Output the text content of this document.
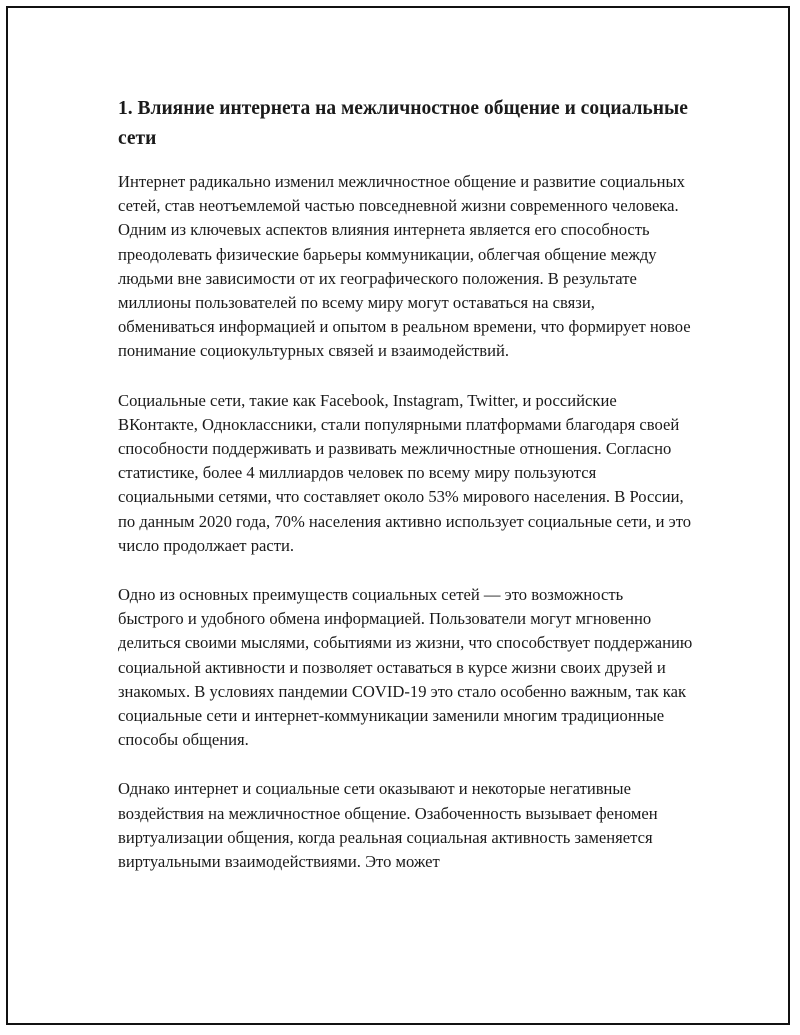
1. Влияние интернета на межличностное общение и социальные сети

Интернет радикально изменил межличностное общение и развитие социальных сетей, став неотъемлемой частью повседневной жизни современного человека. Одним из ключевых аспектов влияния интернета является его способность преодолевать физические барьеры коммуникации, облегчая общение между людьми вне зависимости от их географического положения. В результате миллионы пользователей по всему миру могут оставаться на связи, обмениваться информацией и опытом в реальном времени, что формирует новое понимание социокультурных связей и взаимодействий.

Социальные сети, такие как Facebook, Instagram, Twitter, и российские ВКонтакте, Одноклассники, стали популярными платформами благодаря своей способности поддерживать и развивать межличностные отношения. Согласно статистике, более 4 миллиардов человек по всему миру пользуются социальными сетями, что составляет около 53% мирового населения. В России, по данным 2020 года, 70% населения активно использует социальные сети, и это число продолжает расти.

Одно из основных преимуществ социальных сетей — это возможность быстрого и удобного обмена информацией. Пользователи могут мгновенно делиться своими мыслями, событиями из жизни, что способствует поддержанию социальной активности и позволяет оставаться в курсе жизни своих друзей и знакомых. В условиях пандемии COVID-19 это стало особенно важным, так как социальные сети и интернет-коммуникации заменили многим традиционные способы общения.

Однако интернет и социальные сети оказывают и некоторые негативные воздействия на межличностное общение. Озабоченность вызывает феномен виртуализации общения, когда реальная социальная активность заменяется виртуальными взаимодействиями. Это может
